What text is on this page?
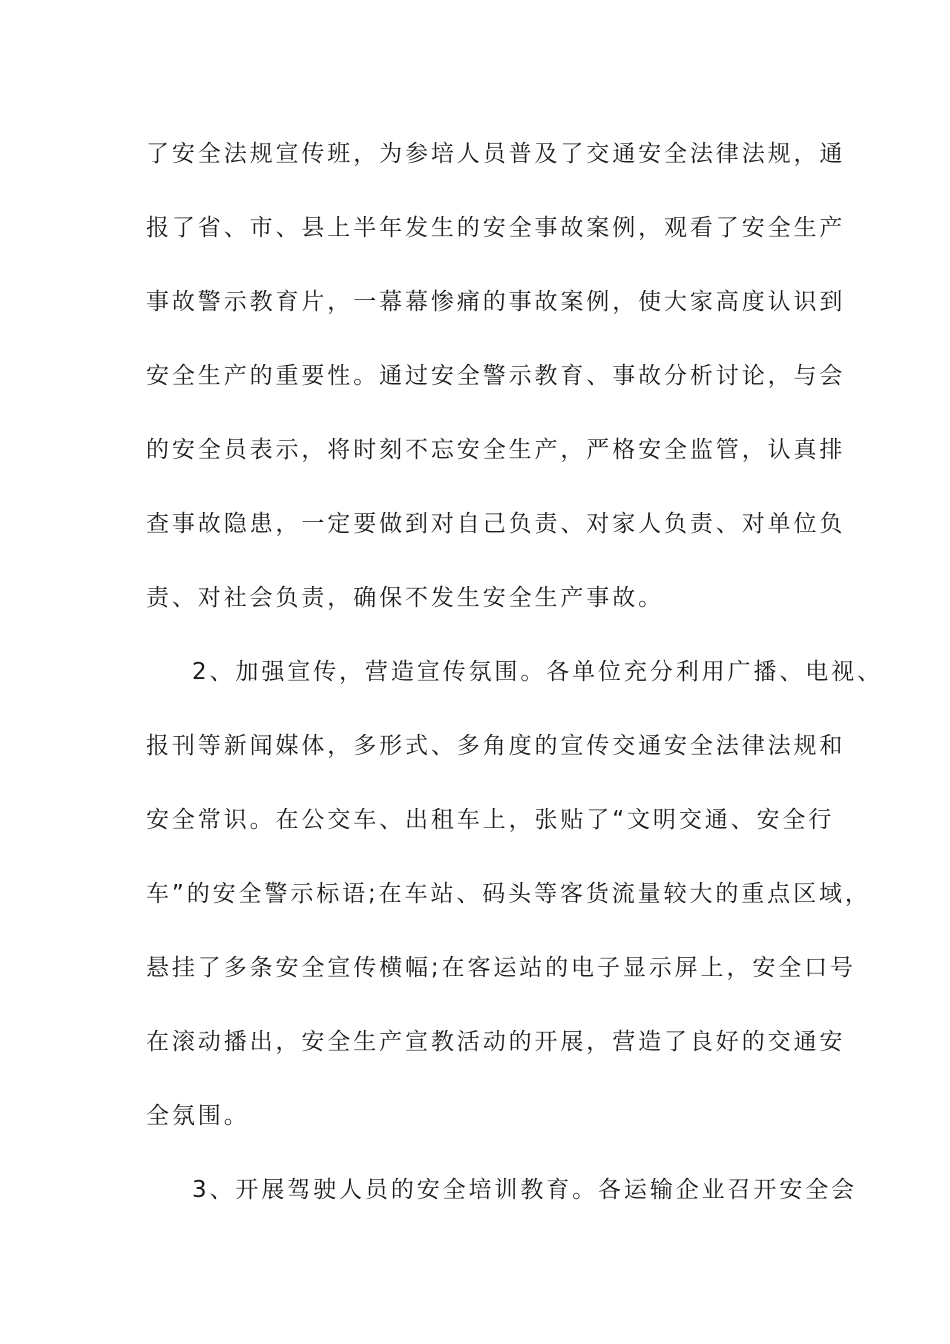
了安全法规宣传班，为参培人员普及了交通安全法律法规，通
报了省、市、县上半年发生的安全事故案例，观看了安全生产
事故警示教育片，一幕幕惨痛的事故案例，使大家高度认识到
安全生产的重要性。通过安全警示教育、事故分析讨论，与会
的安全员表示，将时刻不忘安全生产，严格安全监管，认真排
查事故隐患，一定要做到对自己负责、对家人负责、对单位负
责、对社会负责，确保不发生安全生产事故。
2、加强宣传，营造宣传氛围。各单位充分利用广播、电视、
报刊等新闻媒体，多形式、多角度的宣传交通安全法律法规和
安全常识。在公交车、出租车上，张贴了“文明交通、安全行
车”的安全警示标语;在车站、码头等客货流量较大的重点区域，
悬挂了多条安全宣传横幅;在客运站的电子显示屏上，安全口号
在滚动播出，安全生产宣教活动的开展，营造了良好的交通安
全氛围。
3、开展驾驶人员的安全培训教育。各运输企业召开安全会
